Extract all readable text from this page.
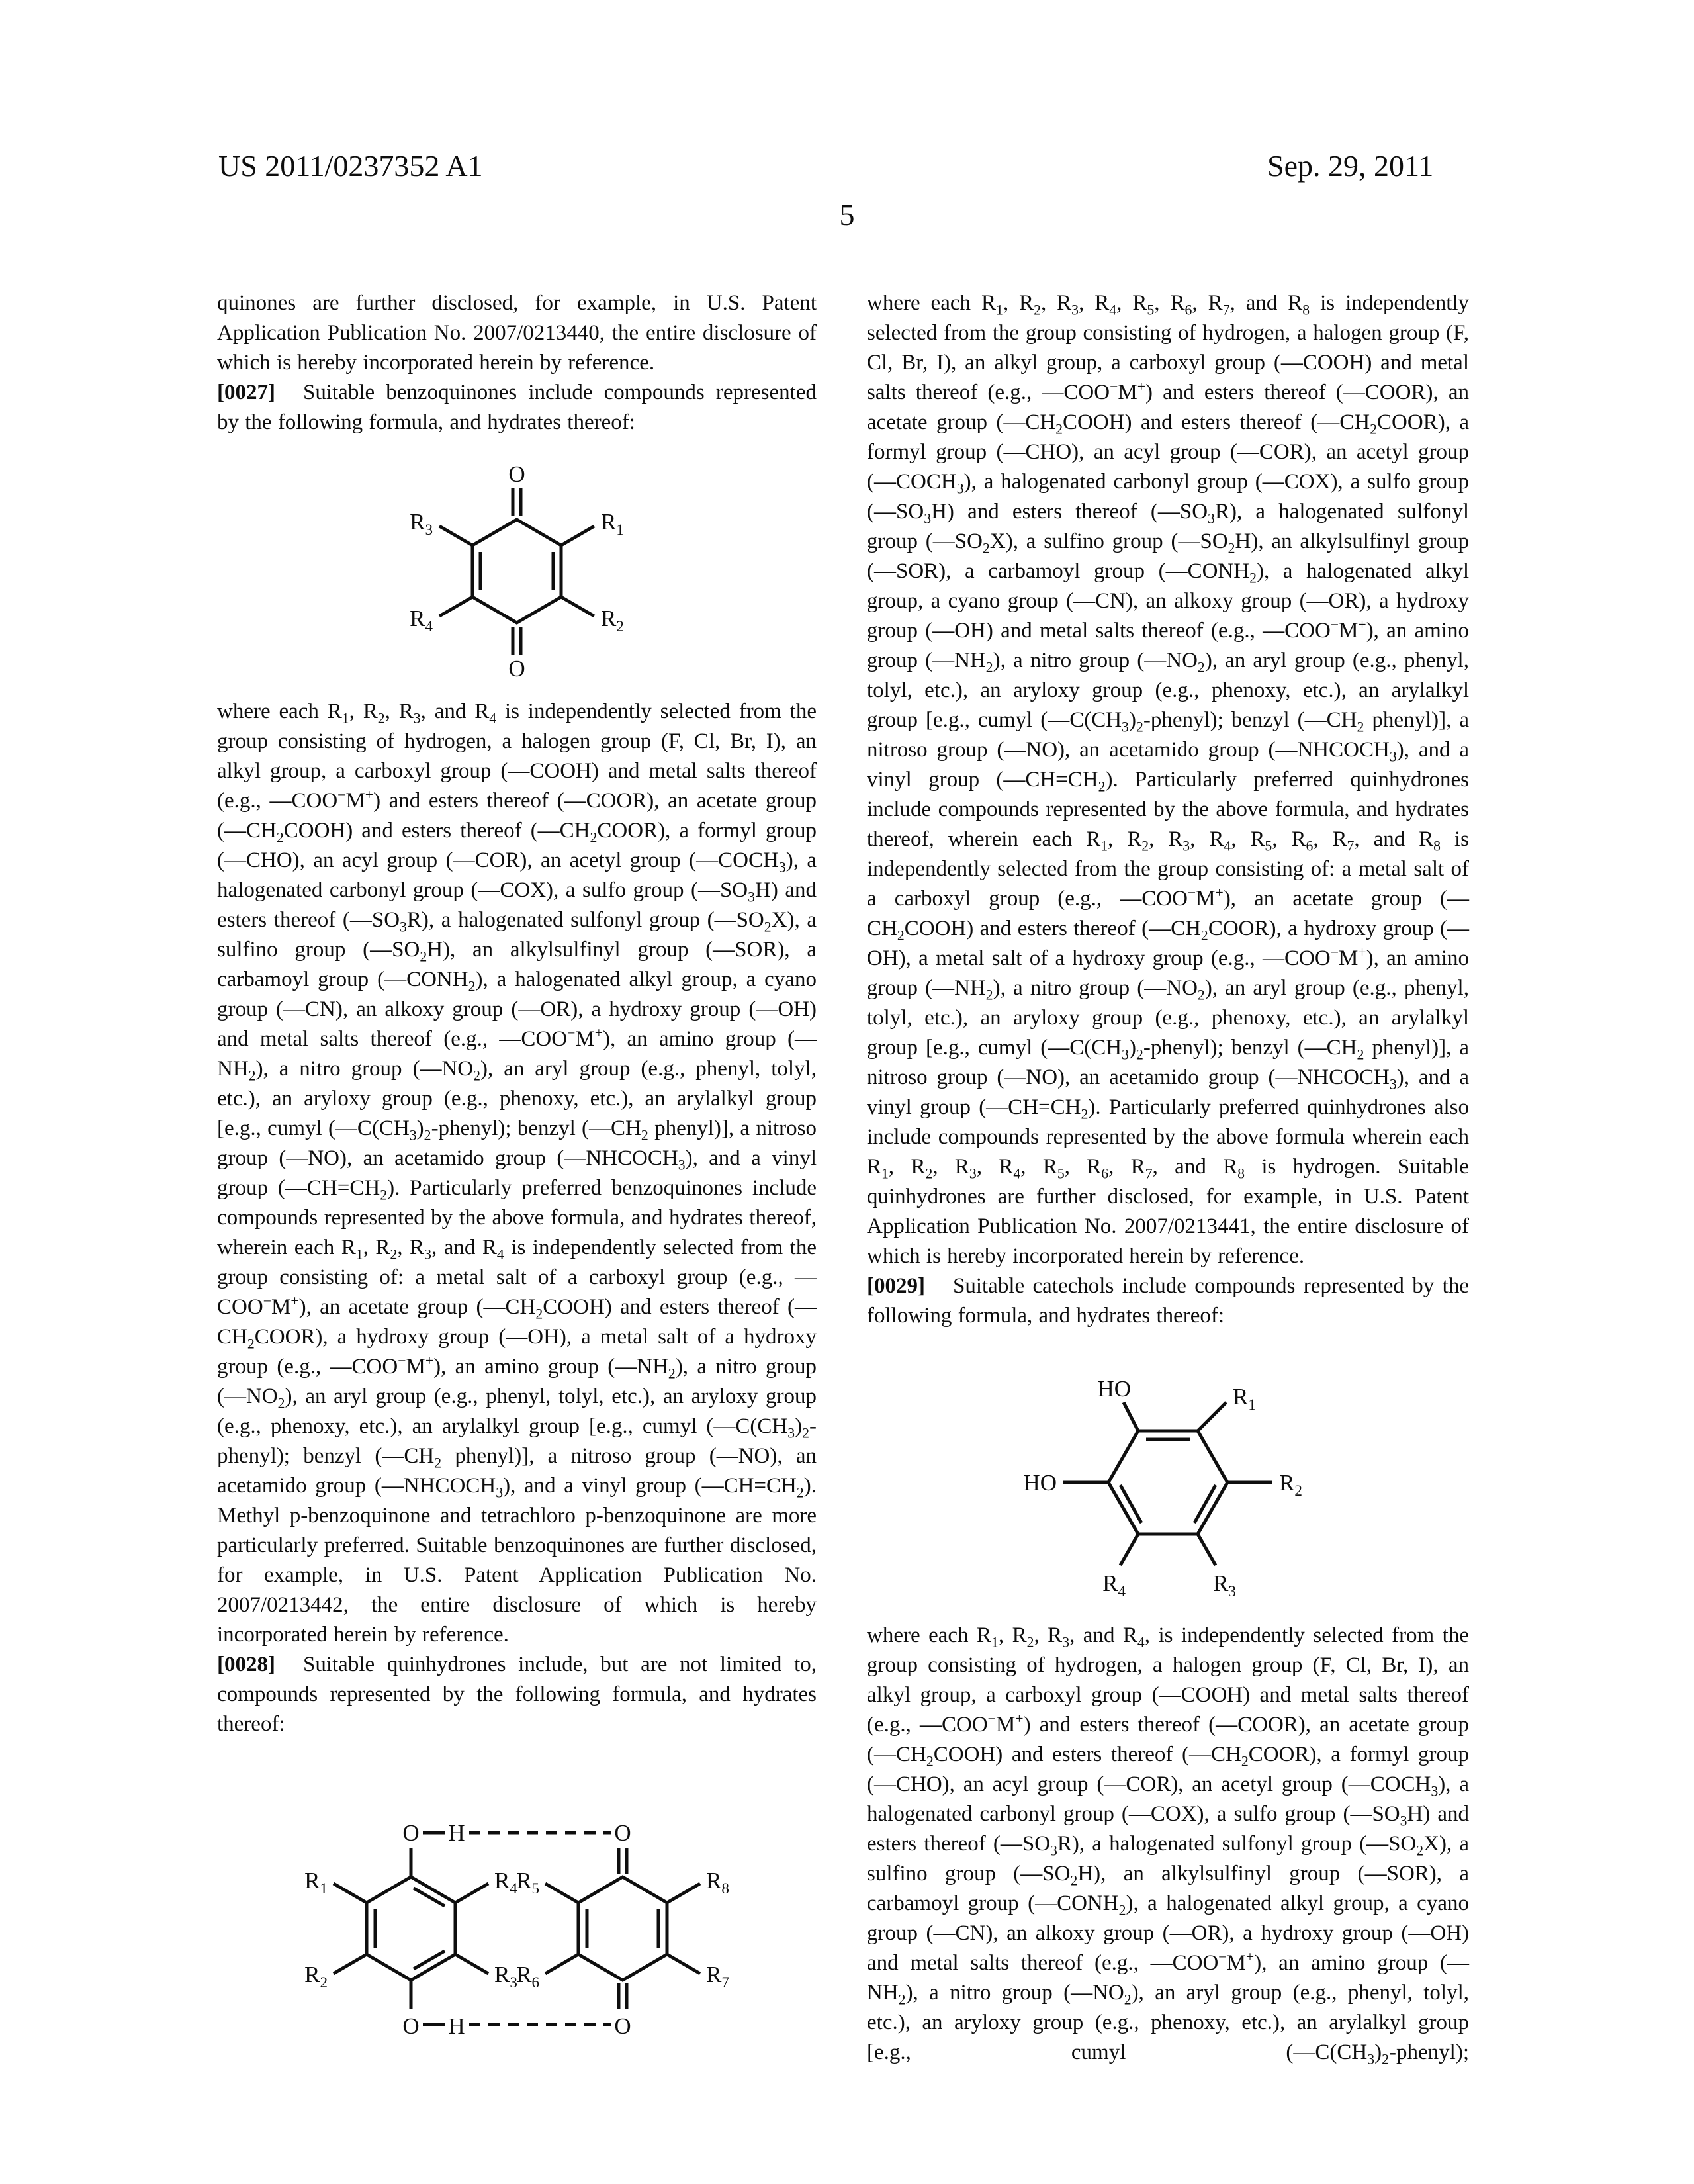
US 2011/0237352 A1	Sep. 29, 2011
5

quinones are further disclosed, for example, in U.S. Patent Application Publication No. 2007/0213440, the entire disclosure of which is hereby incorporated herein by reference.

[0027] Suitable benzoquinones include compounds represented by the following formula, and hydrates thereof:

O
O
$R_1$
$R_2$
$R_3$
$R_4$

where each $R_1$, $R_2$, $R_3$, and $R_4$ is independently selected from the group consisting of hydrogen, a halogen group (F, Cl, Br, I), an alkyl group, a carboxyl group (—COOH) and metal salts thereof (e.g., —COO−M+) and esters thereof (—COOR), an acetate group $(—CH_2COOH)$ and esters thereof $(—CH_2COOR)$, a formyl group (—CHO), an acyl group (—COR), an acetyl group $(—COCH_3)$, a halogenated carbonyl group (—COX), a sulfo group $(—SO_3H)$ and esters thereof $(—SO_3R)$, a halogenated sulfonyl group $(—SO_2X)$, a sulfino group $(—SO_2H)$, an alkylsulfinyl group (—SOR), a carbamoyl group $(—CONH_2)$, a halogenated alkyl group, a cyano group (—CN), an alkoxy group (—OR), a hydroxy group (—OH) and metal salts thereof (e.g., —COO−M+), an amino group $(—NH_2)$, a nitro group $(—NO_2)$, an aryl group (e.g., phenyl, tolyl, etc.), an aryloxy group (e.g., phenoxy, etc.), an arylalkyl group [e.g., cumyl $(—C(CH_3)_2-phenyl)$; benzyl ($—CH_2$ phenyl)], a nitroso group (—NO), an acetamido group $(—NHCOCH_3)$, and a vinyl group $(—CH=CH_2)$. Particularly preferred benzoquinones include compounds represented by the above formula, and hydrates thereof, wherein each $R_1$, $R_2$, $R_3$, and $R_4$ is independently selected from the group consisting of: a metal salt of a carboxyl group (e.g., —COO−M+), an acetate group $(—CH_2COOH)$ and esters thereof $(—CH_2COOR)$, a hydroxy group (—OH), a metal salt of a hydroxy group (e.g., —COO−M+), an amino group $(—NH_2)$, a nitro group $(—NO_2)$, an aryl group (e.g., phenyl, tolyl, etc.), an aryloxy group (e.g., phenoxy, etc.), an arylalkyl group [e.g., cumyl $(—C(CH_3)_2-phenyl)$; benzyl ($—CH_2$ phenyl)], a nitroso group (—NO), an acetamido group $(—NHCOCH_3)$, and a vinyl group $(—CH=CH_2)$. Methyl p-benzoquinone and tetrachloro p-benzoquinone are more particularly preferred. Suitable benzoquinones are further disclosed, for example, in U.S. Patent Application Publication No. 2007/0213442, the entire disclosure of which is hereby incorporated herein by reference.

[0028] Suitable quinhydrones include, but are not limited to, compounds represented by the following formula, and hydrates thereof:

O H	O
O H	O
$R_1$
$R_2$	$R_3$
$R_4$
$R_5$
$R_6$	$R_7$
$R_8$

where each $R_1$, $R_2$, $R_3$, $R_4$, $R_5$, $R_6$, $R_7$, and $R_8$ is independently selected from the group consisting of hydrogen, a halogen group (F, Cl, Br, I), an alkyl group, a carboxyl group (—COOH) and metal salts thereof (e.g., —COO−M+) and esters thereof (—COOR), an acetate group $(—CH_2COOH)$ and esters thereof $(—CH_2COOR)$, a formyl group (—CHO), an acyl group (—COR), an acetyl group $(—COCH_3)$, a halogenated carbonyl group (—COX), a sulfo group $(—SO_3H)$ and esters thereof $(—SO_3R)$, a halogenated sulfonyl group $(—SO_2X)$, a sulfino group $(—SO_2H)$, an alkylsulfinyl group (—SOR), a carbamoyl group $(—CONH_2)$, a halogenated alkyl group, a cyano group (—CN), an alkoxy group (—OR), a hydroxy group (—OH) and metal salts thereof (e.g., —COO−M+), an amino group $(—NH_2)$, a nitro group $(—NO_2)$, an aryl group (e.g., phenyl, tolyl, etc.), an aryloxy group (e.g., phenoxy, etc.), an arylalkyl group [e.g., cumyl $(—C(CH_3)_2-phenyl)$; benzyl ($—CH_2$ phenyl)], a nitroso group (—NO), an acetamido group $(—NHCOCH_3)$, and a vinyl group $(—CH=CH_2)$. Particularly preferred quinhydrones include compounds represented by the above formula, and hydrates thereof, wherein each $R_1$, $R_2$, $R_3$, $R_4$, $R_5$, $R_6$, $R_7$, and $R_8$ is independently selected from the group consisting of: a metal salt of a carboxyl group (e.g., —COO−M+), an acetate group $(—CH_2COOH)$ and esters thereof $(—CH_2COOR)$, a hydroxy group (—OH), a metal salt of a hydroxy group (e.g., —COO−M+), an amino group $(—NH_2)$, a nitro group $(—NO_2)$, an aryl group (e.g., phenyl, tolyl, etc.), an aryloxy group (e.g., phenoxy, etc.), an arylalkyl group [e.g., cumyl $(—C(CH_3)_2-phenyl)$; benzyl ($—CH_2$ phenyl)], a nitroso group (—NO), an acetamido group $(—NHCOCH_3)$, and a vinyl group $(—CH=CH_2)$. Particularly preferred quinhydrones also include compounds represented by the above formula wherein each $R_1$, $R_2$, $R_3$, $R_4$, $R_5$, $R_6$, $R_7$, and $R_8$ is hydrogen. Suitable quinhydrones are further disclosed, for example, in U.S. Patent Application Publication No. 2007/0213441, the entire disclosure of which is hereby incorporated herein by reference.

[0029] Suitable catechols include compounds represented by the following formula, and hydrates thereof:

HO
HO
$R_1$
$R_2$
$R_3$
$R_4$

where each $R_1$, $R_2$, $R_3$, and $R_4$, is independently selected from the group consisting of hydrogen, a halogen group (F, Cl, Br, I), an alkyl group, a carboxyl group (—COOH) and metal salts thereof (e.g., —COO−M+) and esters thereof (—COOR), an acetate group $(—CH_2COOH)$ and esters thereof $(—CH_2COOR)$, a formyl group (—CHO), an acyl group (—COR), an acetyl group $(—COCH_3)$, a halogenated carbonyl group (—COX), a sulfo group $(—SO_3H)$ and esters thereof $(—SO_3R)$, a halogenated sulfonyl group $(—SO_2X)$, a sulfino group $(—SO_2H)$, an alkylsulfinyl group (—SOR), a carbamoyl group $(—CONH_2)$, a halogenated alkyl group, a cyano group (—CN), an alkoxy group (—OR), a hydroxy group (—OH) and metal salts thereof (e.g., —COO−M+), an amino group $(—NH_2)$, a nitro group $(—NO_2)$, an aryl group (e.g., phenyl, tolyl, etc.), an aryloxy group (e.g., phenoxy, etc.), an arylalkyl group [e.g., cumyl $(—C(CH_3)_2-phenyl)$;
